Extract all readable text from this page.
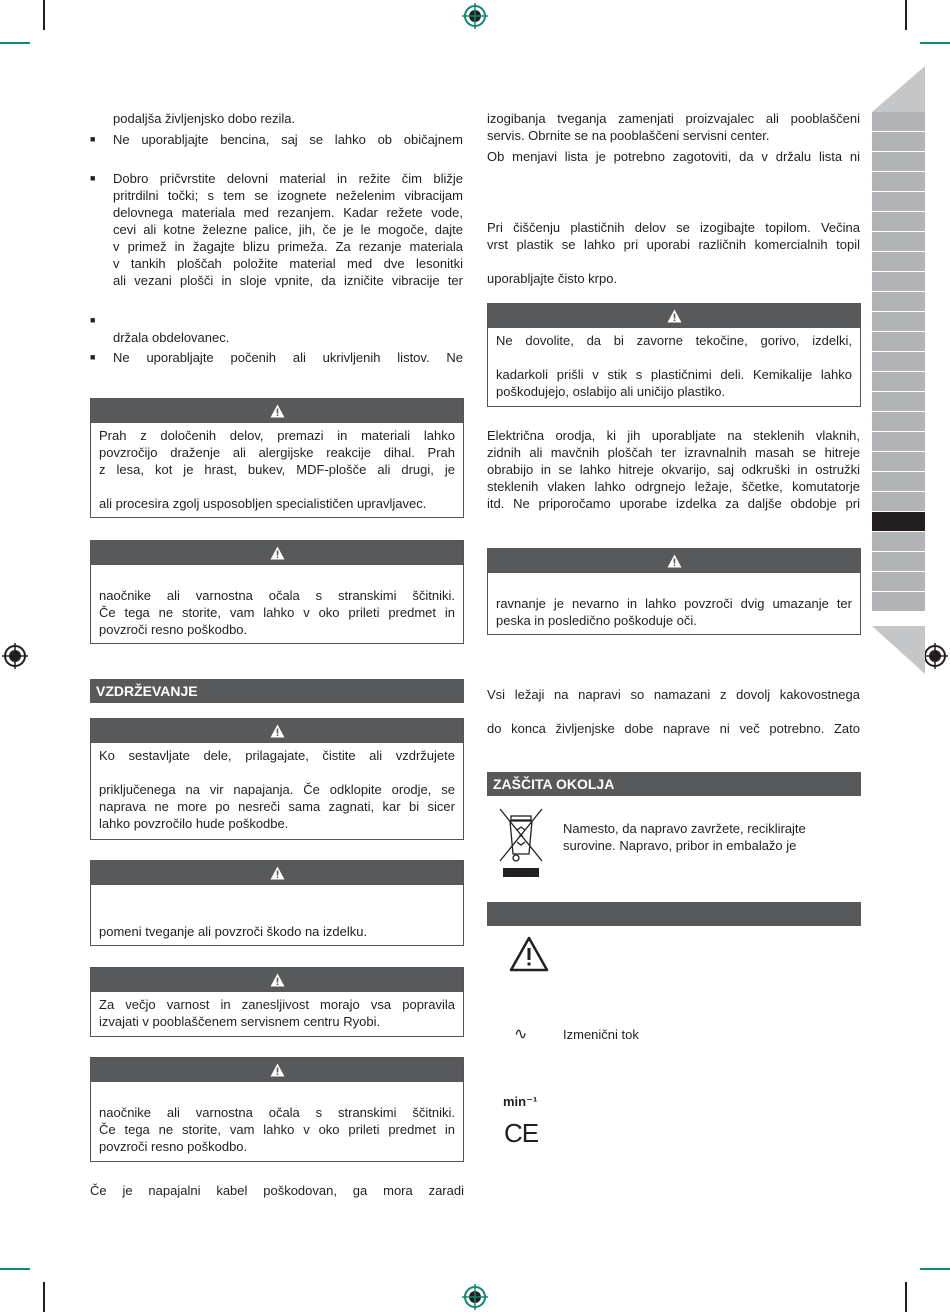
podaljša življenjsko dobo rezila.
■ Ne uporabljajte bencina, saj se lahko ob običajnem
■ Dobro pričvrstite delovni material in režite čim bližje
pritrdilni točki; s tem se izognete neželenim vibracijam
delovnega materiala med rezanjem. Kadar režete vode,
cevi ali kotne železne palice, jih, če je le mogoče, dajte
v primež in žagajte blizu primeža. Za rezanje materiala
v tankih ploščah položite material med dve lesonitki
ali vezani plošči in sloje vpnite, da izničite vibracije ter
■
držala obdelovanec.
■ Ne uporabljajte počenih ali ukrivljenih listov. Ne

Prah z določenih delov, premazi in materiali lahko

povzročijo draženje ali alergijske reakcije dihal. Prah

z lesa, kot je hrast, bukev, MDF-plošče ali drugi, je

ali procesira zgolj usposobljen specialističen upravljavec.

naočnike ali varnostna očala s stranskimi ščitniki.

Če tega ne storite, vam lahko v oko prileti predmet in

povzroči resno poškodbo.

VZDRŽEVANJE

Ko sestavljate dele, prilagajate, čistite ali vzdržujete

priključenega na vir napajanja. Če odklopite orodje, se

naprava ne more po nesreči sama zagnati, kar bi sicer

lahko povzročilo hude poškodbe.

pomeni tveganje ali povzroči škodo na izdelku.

Za večjo varnost in zanesljivost morajo vsa popravila

izvajati v pooblaščenem servisnem centru Ryobi.

naočnike ali varnostna očala s stranskimi ščitniki.

Če tega ne storite, vam lahko v oko prileti predmet in

povzroči resno poškodbo.

Če je napajalni kabel poškodovan, ga mora zaradi
izogibanja tveganja zamenjati proizvajalec ali pooblaščeni
servis. Obrnite se na pooblaščeni servisni center.
Ob menjavi lista je potrebno zagotoviti, da v držalu lista ni
Pri čiščenju plastičnih delov se izogibajte topilom. Večina
vrst plastik se lahko pri uporabi različnih komercialnih topil
uporabljajte čisto krpo.

Ne dovolite, da bi zavorne tekočine, gorivo, izdelki,

kadarkoli prišli v stik s plastičnimi deli. Kemikalije lahko

poškodujejo, oslabijo ali uničijo plastiko.

Električna orodja, ki jih uporabljate na steklenih vlaknih,
zidnih ali mavčnih ploščah ter izravnalnih masah se hitreje
obrabijo in se lahko hitreje okvarijo, saj odkruški in ostružki
steklenih vlaken lahko odrgnejo ležaje, ščetke, komutatorje
itd. Ne priporočamo uporabe izdelka za daljše obdobje pri

ravnanje je nevarno in lahko povzroči dvig umazanje ter

peska in posledično poškoduje oči.

Vsi ležaji na napravi so namazani z dovolj kakovostnega
do konca življenjske dobe naprave ni več potrebno. Zato
ZAŠČITA OKOLJA
Namesto, da napravo zavržete, reciklirajte
surovine. Napravo, pribor in embalažo je
∿	Izmenični tok
min⁻¹
CE
